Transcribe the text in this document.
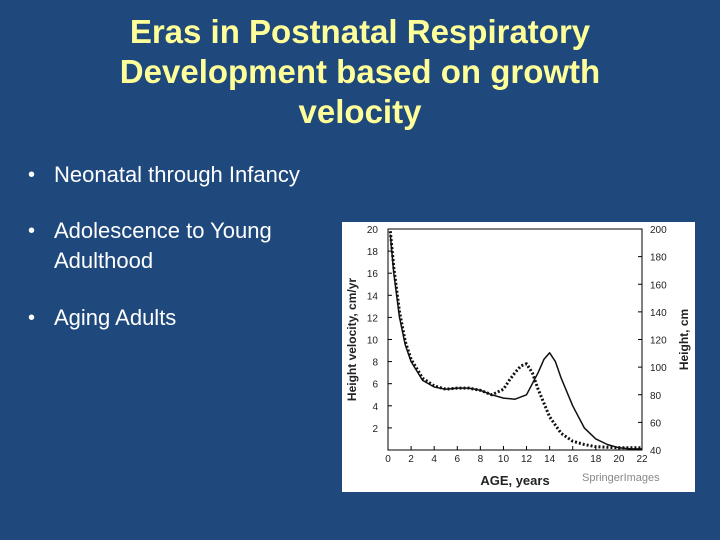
Eras in Postnatal Respiratory
Development based on growth
velocity
• Neonatal through Infancy
• Adolescence to Young
Adulthood
• Aging Adults
0 2 4 6 8 10 12 14 16 18 20 22
2
4
6
8
10
12
14
16
18
20
40
60
80
100
120
140
160
180
200
AGE, years
Height velocity, cm/yr	Height, cm
SpringerImages
